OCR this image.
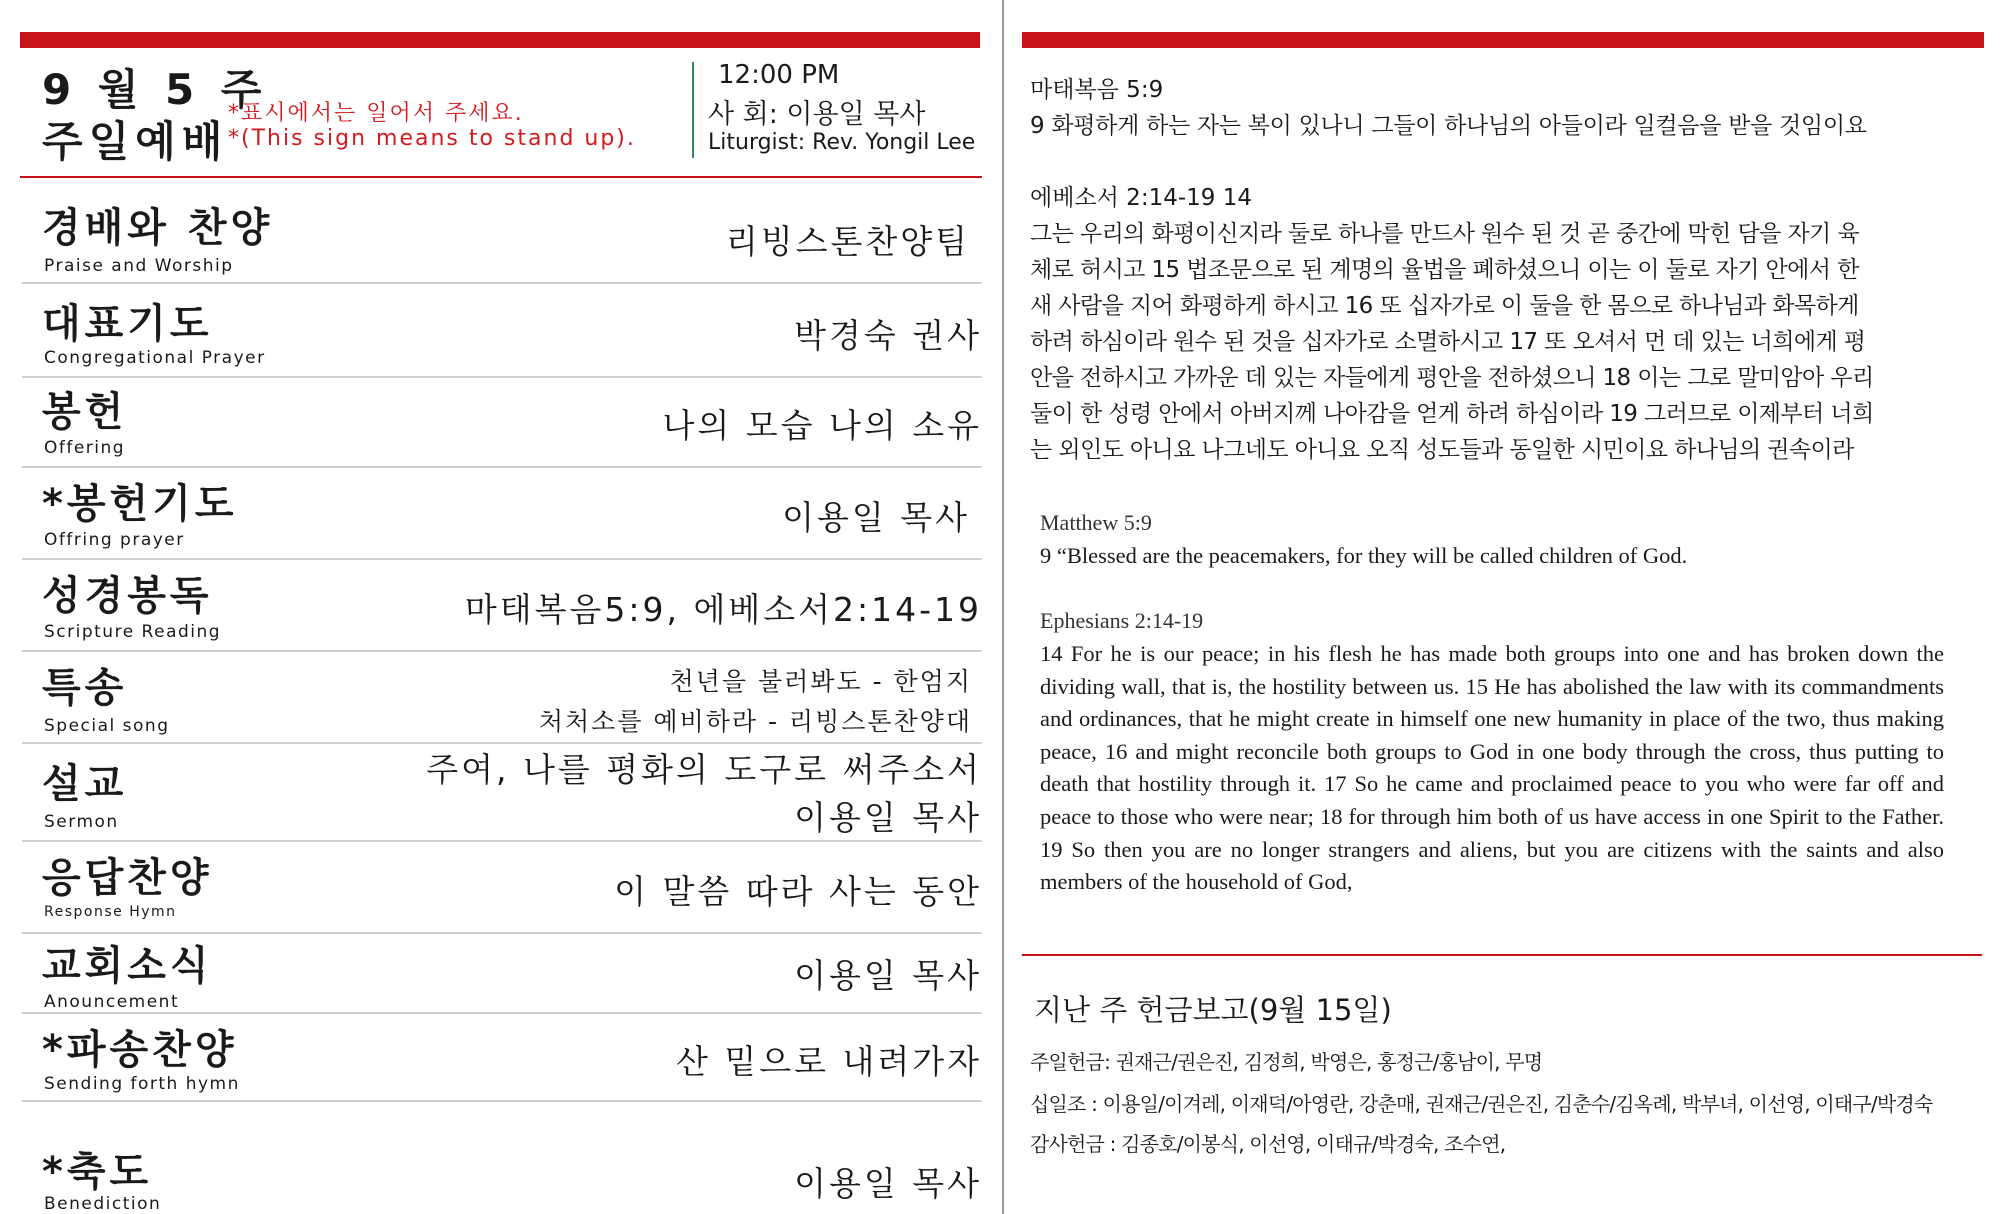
9 월 5 주
주일예배
*표시에서는 일어서 주세요.
*(This sign means to stand up).
12:00 PM
사 회: 이용일 목사
Liturgist: Rev. Yongil Lee
경배와 찬양
Praise and Worship
리빙스톤찬양팀
대표기도
Congregational Prayer
박경숙 권사
봉헌
Offering
나의 모습 나의 소유
*봉헌기도
Offring prayer
이용일 목사
성경봉독
Scripture Reading
마태복음5:9, 에베소서2:14-19
특송
Special song
천년을 불러봐도 - 한엄지
처처소를 예비하라 - 리빙스톤찬양대
설교
Sermon
주여, 나를 평화의 도구로 써주소서
이용일 목사
응답찬양
Response Hymn
이 말씀 따라 사는 동안
교회소식
Anouncement
이용일 목사
*파송찬양
Sending forth hymn
산 밑으로 내려가자
*축도
Benediction
이용일 목사
마태복음 5:9
9 화평하게 하는 자는 복이 있나니 그들이 하나님의 아들이라 일컬음을 받을 것임이요
에베소서 2:14-19 14
그는 우리의 화평이신지라 둘로 하나를 만드사 원수 된 것 곧 중간에 막힌 담을 자기 육
체로 허시고 15 법조문으로 된 계명의 율법을 폐하셨으니 이는 이 둘로 자기 안에서 한
새 사람을 지어 화평하게 하시고 16 또 십자가로 이 둘을 한 몸으로 하나님과 화목하게
하려 하심이라 원수 된 것을 십자가로 소멸하시고 17 또 오셔서 먼 데 있는 너희에게 평
안을 전하시고 가까운 데 있는 자들에게 평안을 전하셨으니 18 이는 그로 말미암아 우리
둘이 한 성령 안에서 아버지께 나아감을 얻게 하려 하심이라 19 그러므로 이제부터 너희
는 외인도 아니요 나그네도 아니요 오직 성도들과 동일한 시민이요 하나님의 권속이라
Matthew 5:9
9 “Blessed are the peacemakers, for they will be called children of God.
Ephesians 2:14-19
14 For he is our peace; in his flesh he has made both groups into one and has broken down the dividing wall, that is, the hostility between us. 15 He has abolished the law with its commandments and ordinances, that he might create in himself one new humanity in place of the two, thus making peace, 16 and might reconcile both groups to God in one body through the cross, thus putting to death that hostility through it. 17 So he came and proclaimed peace to you who were far off and peace to those who were near; 18 for through him both of us have access in one Spirit to the Father. 19 So then you are no longer strangers and aliens, but you are citizens with the saints and also members of the household of God,
지난 주 헌금보고(9월 15일)
주일헌금: 권재근/권은진, 김정희, 박영은, 홍정근/홍남이, 무명
십일조 : 이용일/이겨레, 이재덕/아영란, 강춘매, 권재근/권은진, 김춘수/김옥례, 박부녀, 이선영, 이태구/박경숙
감사헌금 : 김종호/이봉식, 이선영, 이태규/박경숙, 조수연,
